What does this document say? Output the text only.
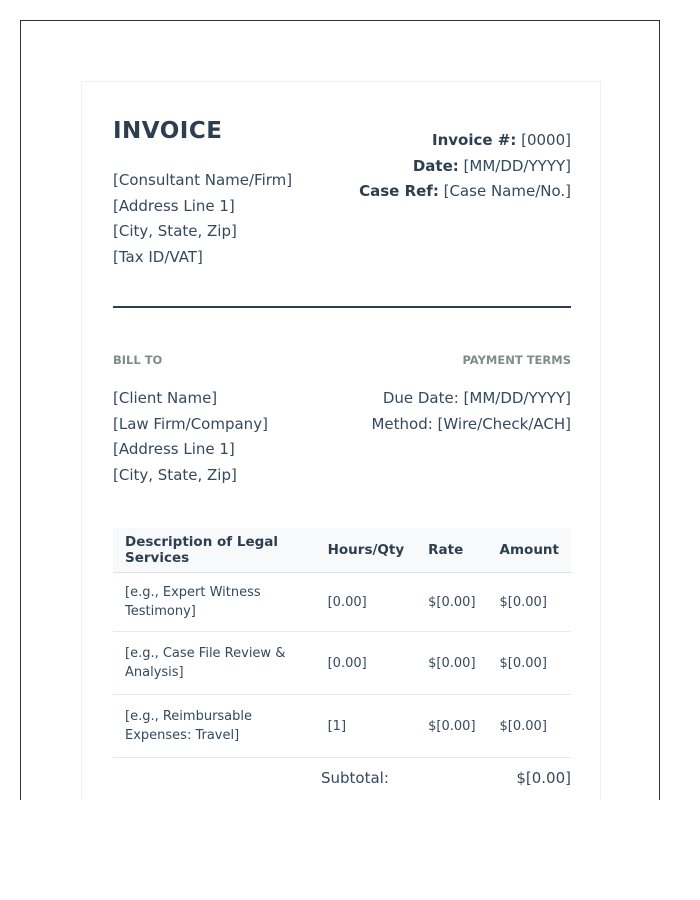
INVOICE
[Consultant Name/Firm]
[Address Line 1]
[City, State, Zip]
[Tax ID/VAT]
Invoice #: [0000]
Date: [MM/DD/YYYY]
Case Ref: [Case Name/No.]
BILL TO	PAYMENT TERMS
[Client Name]
[Law Firm/Company]
[Address Line 1]
[City, State, Zip]
Due Date: [MM/DD/YYYY]
Method: [Wire/Check/ACH]
Description of Legal Services	Hours/Qty	Rate	Amount
[e.g., Expert Witness Testimony]	[0.00]	$[0.00]	$[0.00]
[e.g., Case File Review & Analysis]	[0.00]	$[0.00]	$[0.00]
[e.g., Reimbursable Expenses: Travel]	[1]	$[0.00]	$[0.00]
Subtotal:	$[0.00]
